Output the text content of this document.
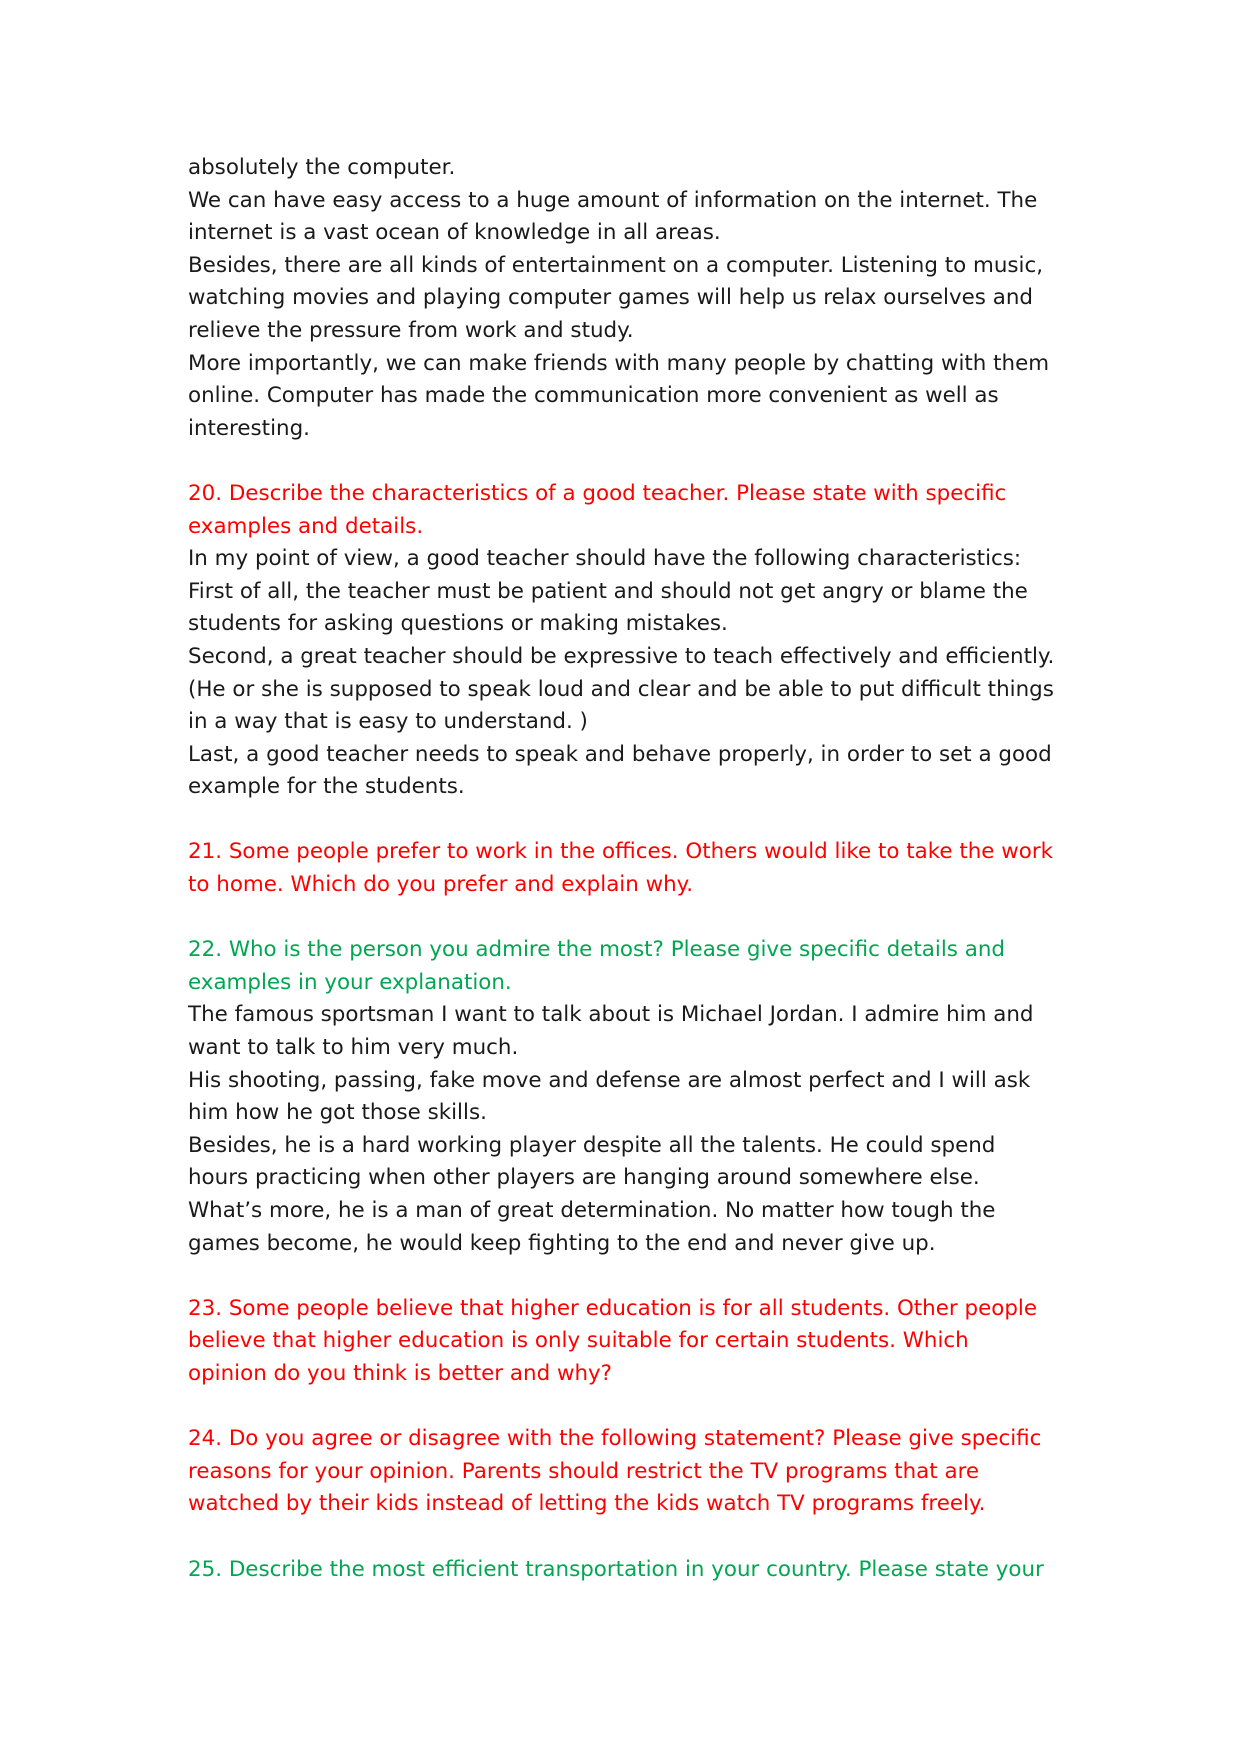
absolutely the computer.
We can have easy access to a huge amount of information on the internet. The
internet is a vast ocean of knowledge in all areas.
Besides, there are all kinds of entertainment on a computer. Listening to music,
watching movies and playing computer games will help us relax ourselves and
relieve the pressure from work and study.
More importantly, we can make friends with many people by chatting with them
online. Computer has made the communication more convenient as well as
interesting.
20. Describe the characteristics of a good teacher. Please state with specific
examples and details.
In my point of view, a good teacher should have the following characteristics:
First of all, the teacher must be patient and should not get angry or blame the
students for asking questions or making mistakes.
Second, a great teacher should be expressive to teach effectively and efficiently.
(He or she is supposed to speak loud and clear and be able to put difficult things
in a way that is easy to understand. )
Last, a good teacher needs to speak and behave properly, in order to set a good
example for the students.
21. Some people prefer to work in the offices. Others would like to take the work
to home. Which do you prefer and explain why.
22. Who is the person you admire the most? Please give specific details and
examples in your explanation.
The famous sportsman I want to talk about is Michael Jordan. I admire him and
want to talk to him very much.
His shooting, passing, fake move and defense are almost perfect and I will ask
him how he got those skills.
Besides, he is a hard working player despite all the talents. He could spend
hours practicing when other players are hanging around somewhere else.
What’s more, he is a man of great determination. No matter how tough the
games become, he would keep fighting to the end and never give up.
23. Some people believe that higher education is for all students. Other people
believe that higher education is only suitable for certain students. Which
opinion do you think is better and why?
24. Do you agree or disagree with the following statement? Please give specific
reasons for your opinion. Parents should restrict the TV programs that are
watched by their kids instead of letting the kids watch TV programs freely.
25. Describe the most efficient transportation in your country. Please state your
